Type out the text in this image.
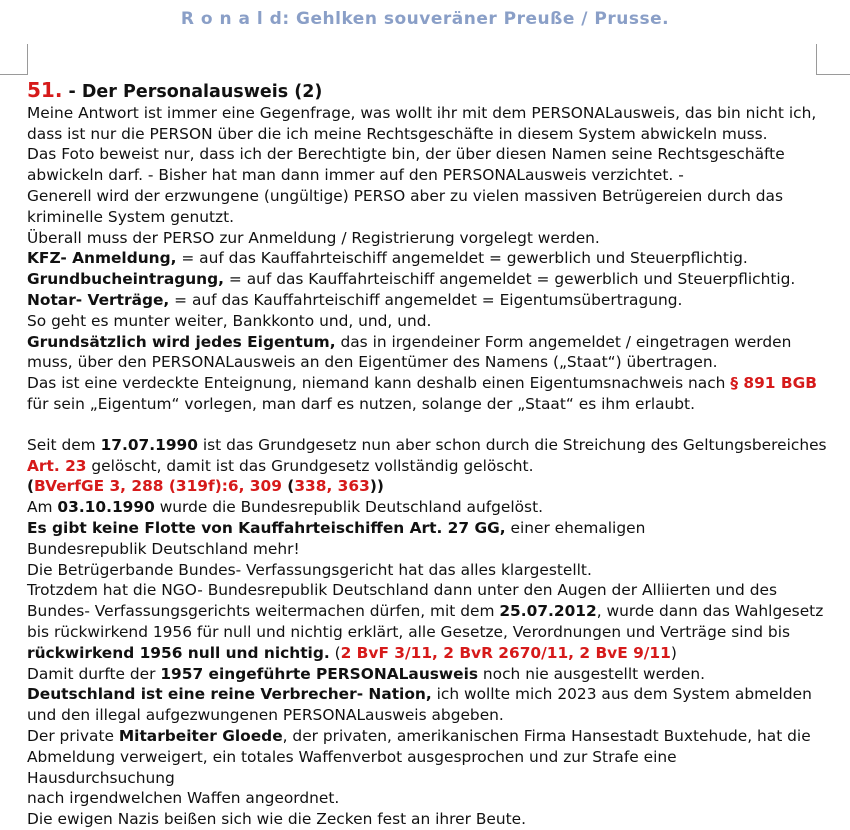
R o n a l d: Gehlken souveräner Preuße / Prusse.

51. - Der Personalausweis (2)

Meine Antwort ist immer eine Gegenfrage, was wollt ihr mit dem PERSONALausweis, das bin nicht ich,

dass ist nur die PERSON über die ich meine Rechtsgeschäfte in diesem System abwickeln muss.

Das Foto beweist nur, dass ich der Berechtigte bin, der über diesen Namen seine Rechtsgeschäfte

abwickeln darf. - Bisher hat man dann immer auf den PERSONALausweis verzichtet. -

Generell wird der erzwungene (ungültige) PERSO aber zu vielen massiven Betrügereien durch das

kriminelle System genutzt.

Überall muss der PERSO zur Anmeldung / Registrierung vorgelegt werden.

KFZ- Anmeldung, = auf das Kauffahrteischiff angemeldet = gewerblich und Steuerpflichtig.

Grundbucheintragung, = auf das Kauffahrteischiff angemeldet = gewerblich und Steuerpflichtig.

Notar- Verträge, = auf das Kauffahrteischiff angemeldet = Eigentumsübertragung.

So geht es munter weiter, Bankkonto und, und, und.

Grundsätzlich wird jedes Eigentum, das in irgendeiner Form angemeldet / eingetragen werden

muss, über den PERSONALausweis an den Eigentümer des Namens („Staat“) übertragen.

Das ist eine verdeckte Enteignung, niemand kann deshalb einen Eigentumsnachweis nach § 891 BGB

für sein „Eigentum“ vorlegen, man darf es nutzen, solange der „Staat“ es ihm erlaubt.

Seit dem 17.07.1990 ist das Grundgesetz nun aber schon durch die Streichung des Geltungsbereiches

Art. 23 gelöscht, damit ist das Grundgesetz vollständig gelöscht.

(BVerfGE 3, 288 (319f):6, 309 (338, 363))

Am 03.10.1990 wurde die Bundesrepublik Deutschland aufgelöst.

Es gibt keine Flotte von Kauffahrteischiffen Art. 27 GG, einer ehemaligen

Bundesrepublik Deutschland mehr!

Die Betrügerbande Bundes- Verfassungsgericht hat das alles klargestellt.

Trotzdem hat die NGO- Bundesrepublik Deutschland dann unter den Augen der Alliierten und des

Bundes- Verfassungsgerichts weitermachen dürfen, mit dem 25.07.2012, wurde dann das Wahlgesetz

bis rückwirkend 1956 für null und nichtig erklärt, alle Gesetze, Verordnungen und Verträge sind bis

rückwirkend 1956 null und nichtig. (2 BvF 3/11, 2 BvR 2670/11, 2 BvE 9/11)

Damit durfte der 1957 eingeführte PERSONALausweis noch nie ausgestellt werden.

Deutschland ist eine reine Verbrecher- Nation, ich wollte mich 2023 aus dem System abmelden

und den illegal aufgezwungenen PERSONALausweis abgeben.

Der private Mitarbeiter Gloede, der privaten, amerikanischen Firma Hansestadt Buxtehude, hat die

Abmeldung verweigert, ein totales Waffenverbot ausgesprochen und zur Strafe eine Hausdurchsuchung

nach irgendwelchen Waffen angeordnet.

Die ewigen Nazis beißen sich wie die Zecken fest an ihrer Beute.
